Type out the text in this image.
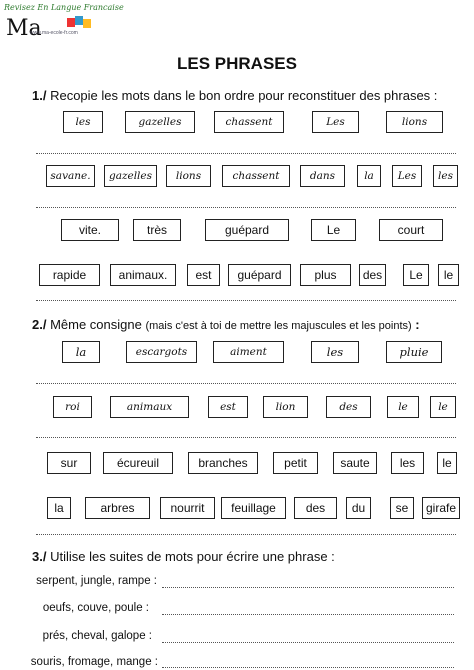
Revisez En Langue Francaise
Ma
www.ma-ecole-fr.com
LES PHRASES
1./ Recopie les mots dans le bon ordre pour reconstituer des phrases :
2./ Même consigne (mais c'est à toi de mettre les majuscules et les points) :
3./ Utilise les suites de mots pour écrire une phrase :
les	gazelles	chassent	Les	lions
savane.	gazelles	lions	chassent	dans	la	Les	les
vite.	très	guépard	Le	court
rapide	animaux.	est	guépard	plus	des	Le	le
la	escargots	aiment	les	pluie
roi	animaux	est	lion	des	le	le
sur	écureuil	branches	petit	saute	les	le
la	arbres	nourrit	feuillage	des	du	se	girafe
serpent, jungle, rampe :
oeufs, couve, poule :
prés, cheval, galope :
souris, fromage, mange :
